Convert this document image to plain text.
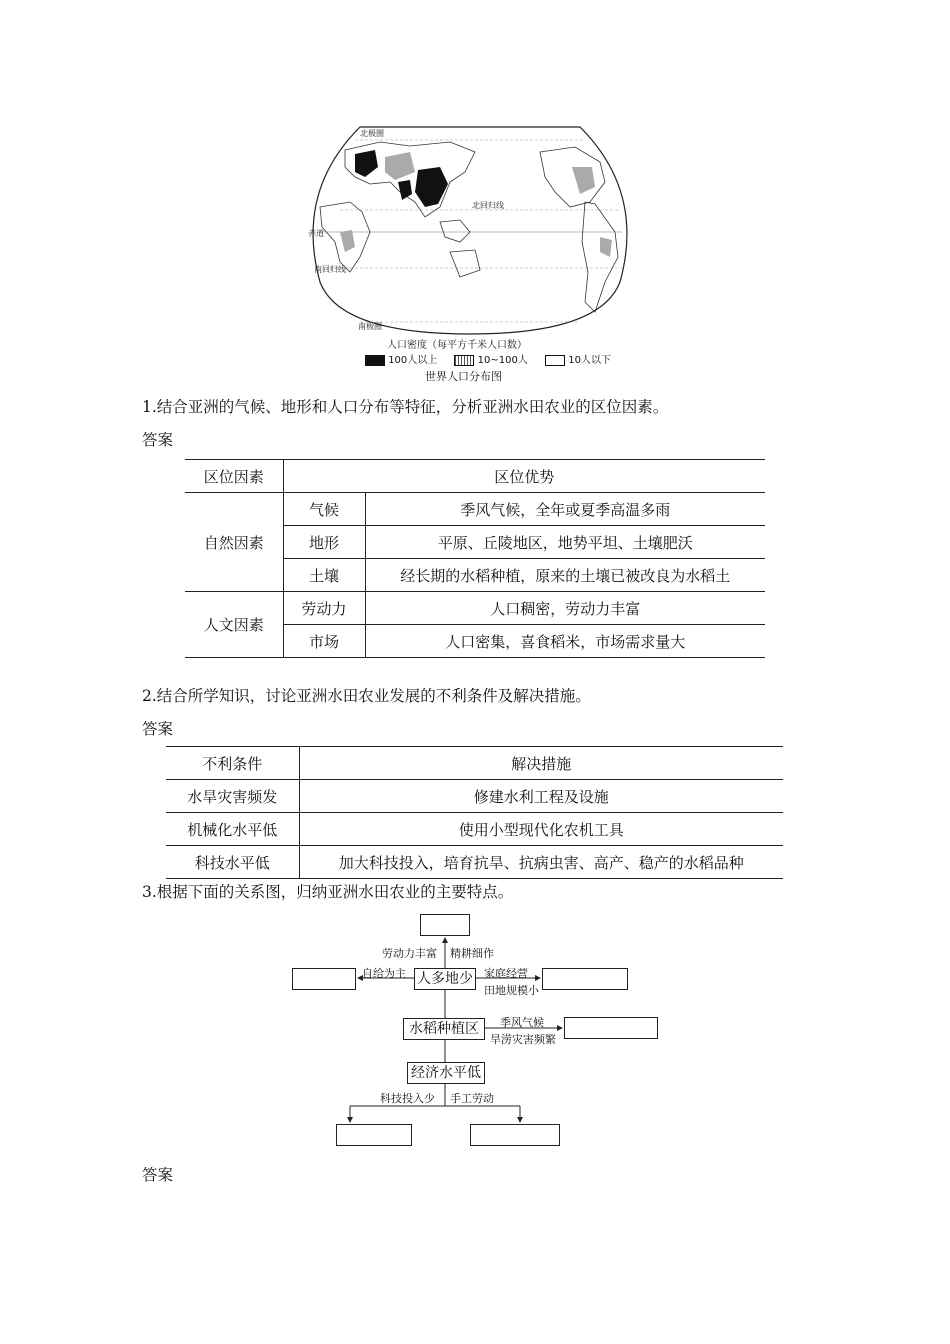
北极圈
北回归线
赤道
南回归线
南极圈
人口密度（每平方千米人口数）
100人以上	10~100人	10人以下
世界人口分布图
1.结合亚洲的气候、地形和人口分布等特征，分析亚洲水田农业的区位因素。
答案
区位因素	区位优势	
自然因素	气候	季风气候，全年或夏季高温多雨
	地形	平原、丘陵地区，地势平坦、土壤肥沃
	土壤	经长期的水稻种植，原来的土壤已被改良为水稻土
人文因素	劳动力	人口稠密，劳动力丰富
	市场	人口密集，喜食稻米，市场需求量大
2.结合所学知识，讨论亚洲水田农业发展的不利条件及解决措施。
答案
不利条件	解决措施
水旱灾害频发	修建水利工程及设施
机械化水平低	使用小型现代化农机工具
科技水平低	加大科技投入，培育抗旱、抗病虫害、高产、稳产的水稻品种
3.根据下面的关系图，归纳亚洲水田农业的主要特点。
人多地少
水稻种植区
经济水平低
劳动力丰富 精耕细作
自给为主	家庭经营
田地规模小
季风气候
旱涝灾害频繁
科技投入少 手工劳动
答案
